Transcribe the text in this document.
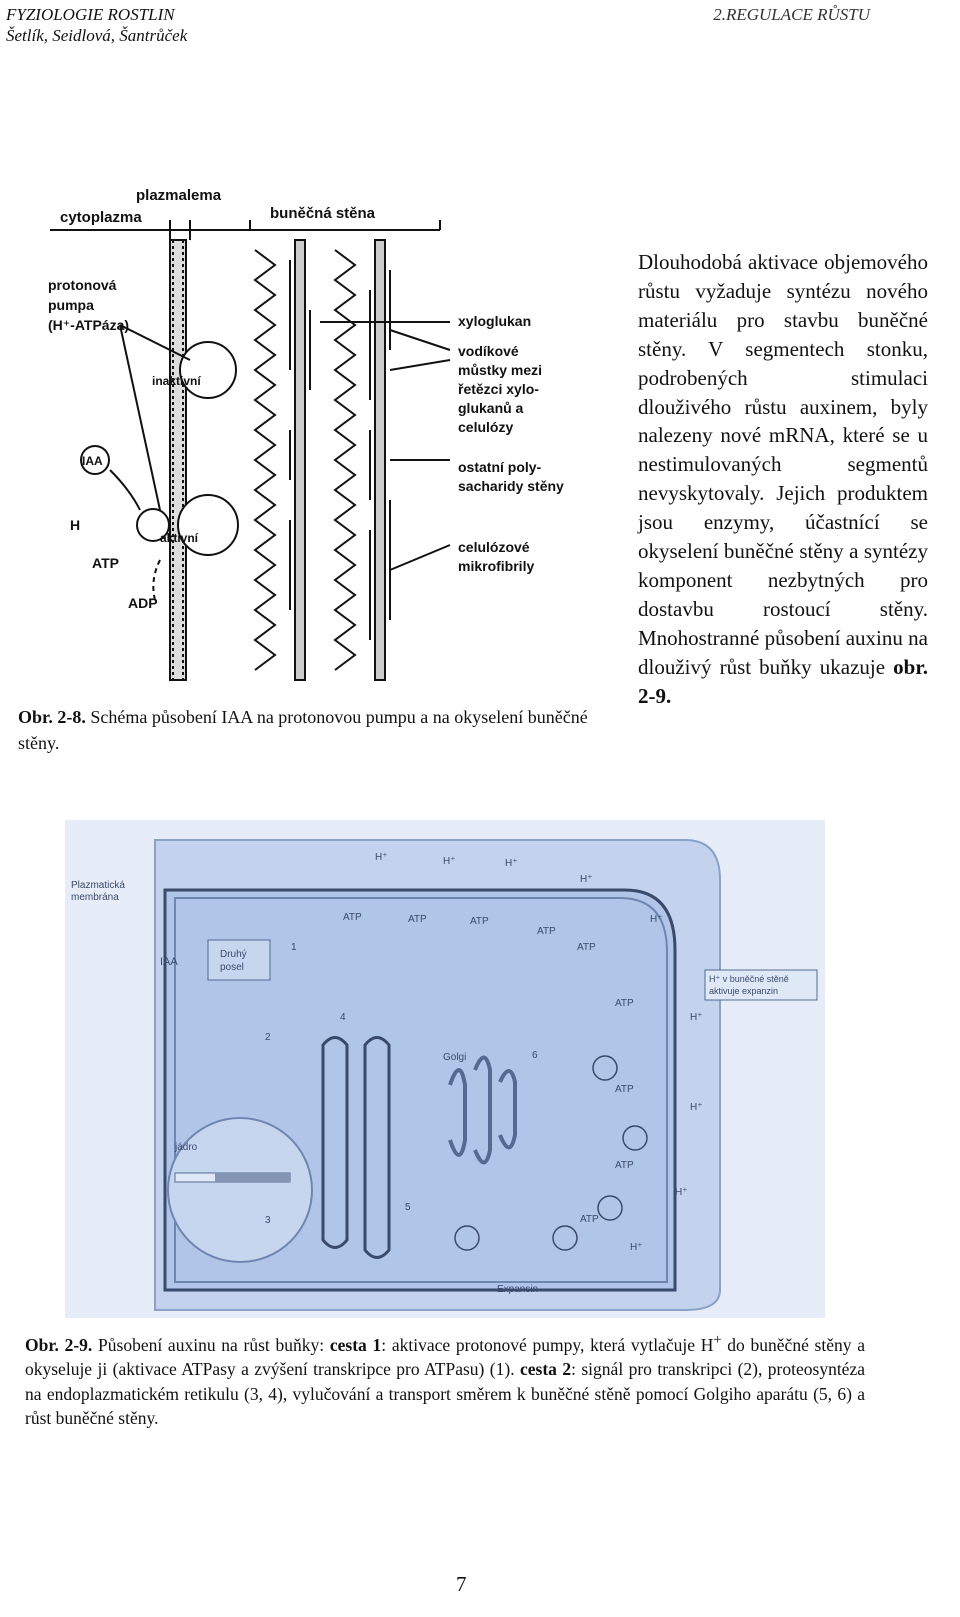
FYZIOLOGIE ROSTLIN
Šetlík, Seidlová, Šantrůček
2.REGULACE RŮSTU
plazmalema
cytoplazma	buněčná stěna
protonová
pumpa
(H⁺-ATPáza)
inaktivní
IAA
H
aktivní
ATP
ADP
xyloglukan
vodíkové
můstky mezi
řetězci xylo-
glukanů a
celulózy
ostatní poly-
sacharidy stěny
celulózové
mikrofibrily
Obr. 2-8. Schéma působení IAA na protonovou pumpu a na okyselení buněčné stěny.
Dlouhodobá aktivace objemového růstu vyžaduje syntézu nového materiálu pro stavbu buněčné stěny. V segmentech stonku, podrobených stimulaci dlouživého růstu auxinem, byly nalezeny nové mRNA, které se u nestimulovaných segmentů nevyskytovaly. Jejich produktem jsou enzymy, účastnící se okyselení buněčné stěny a syntézy komponent nezbytných pro dostavbu rostoucí stěny. Mnohostranné působení auxinu na dlouživý růst buňky ukazuje obr. 2-9.
Plazmatická
membrána
IAA
Druhý
posel
jádro
Golgi
Expansin
H⁺ v buněčné stěně
aktivuje expanzin
H⁺	H⁺	H⁺
H⁺
H⁺
H⁺
H⁺
H⁺
H⁺
ATP	ATP	ATP
ATP
ATP
ATP
ATP
ATP
ATP
1
2
3
4
5
6
Obr. 2-9. Působení auxinu na růst buňky: cesta 1: aktivace protonové pumpy, která vytlačuje H+ do buněčné stěny a okyseluje ji (aktivace ATPasy a zvýšení transkripce pro ATPasu) (1). cesta 2: signál pro transkripci (2), proteosyntéza na endoplazmatickém retikulu (3, 4), vylučování a transport směrem k buněčné stěně pomocí Golgiho aparátu (5, 6) a růst buněčné stěny.
7
